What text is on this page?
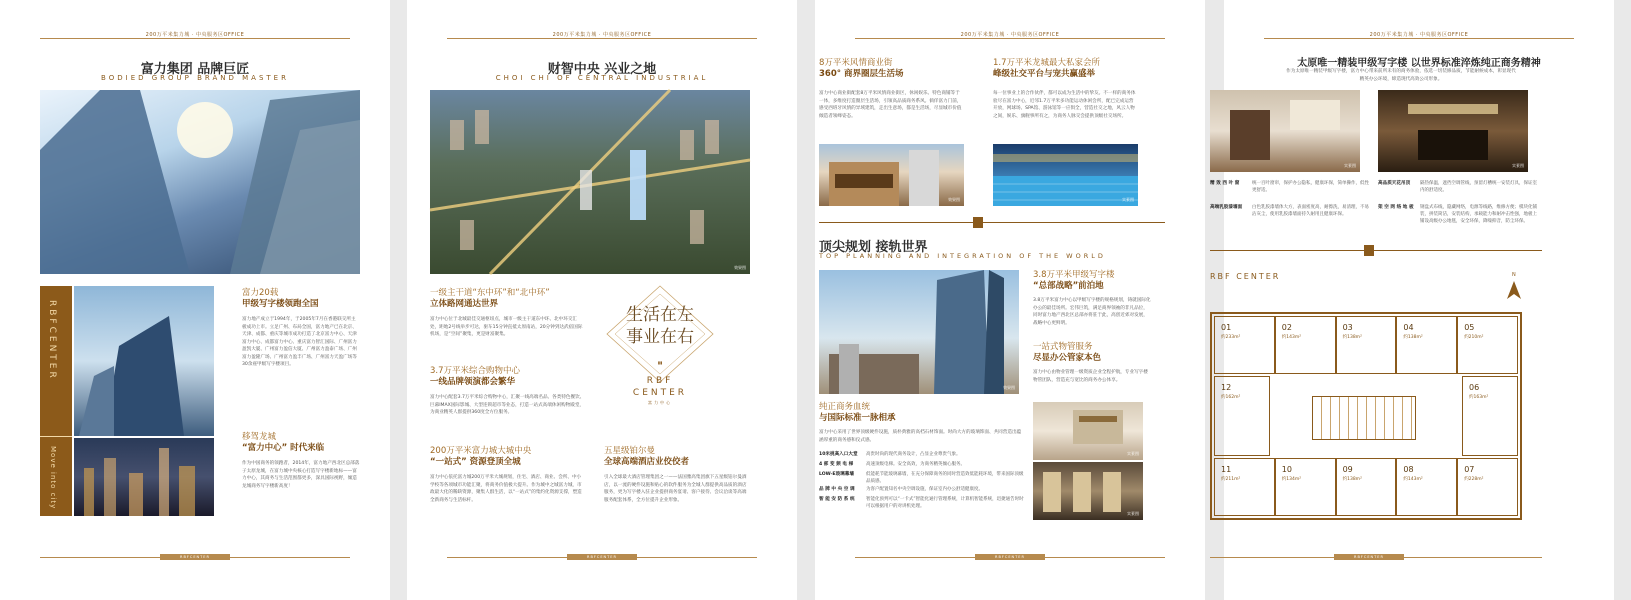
200万平米集力城 · 中央服务区OFFICE
富力集团 品牌巨匠
BODIED GROUP BRAND MASTER
RBFCENTER
Move into city
富力20载
甲级写字楼领跑全国
富力地产成立于1994年，于2005年7月在香港联交所主板成功上市。立足广州、布局全国，富力地产已在北京、天津、成都、重庆等城市成功打造了北京富力中心、天津富力中心、成都富力中心、重庆富力智汇国际、广州富力盈凯大厦、广州富力盈信大厦、广州富力盈泰广场、广州富力盈隆广场、广州富力盈丰广场、广州富力天盈广场等30余座甲级写字楼项目。
移驾龙城
“富力中心” 时代来临
作为中国商务的领跑者，2014年，富力地产西北区总部落子太原龙城，在富力城中央核心打造写字楼新地标——富力中心，其商务与生活范围都更多，深具国际视野，倾造龙城商务写字楼新高度！
RBFCENTER
200万平米集力城 · 中央服务区OFFICE
财智中央 兴业之地
CHOI CHI OF CENTRAL INDUSTRIAL
效果图
一级主干道“东中环”和“北中环”
立体路网通达世界
富力中心位于北城最佳交通枢纽点，城市一级主干道东中环、北中环交汇处，距地2号线举步可达，驱车15分钟直抵太原南站，20分钟到达武宿国际机场，是“空间”聚集，更是财富聚集。
3.7万平米综合购物中心
一线品牌领演都会繁华
富力中心配套3.7万平米综合购物中心，汇聚一线高端名品、各类特色餐饮、巨幕IMAX国际影城、大型连锁超市等业态，打造一站式高端休闲购物殿堂，为商业精英人群提供360度全方位服务。
200万平米富力城大城中央
“一站式” 资源登顶全城
富力中心依托富力城200万平米大城规划，住宅、酒店、商业、会所、中小学校等各项城市功能汇聚，将商务价值极大提升。作为城中之城富力城，市政最大化的稀缺资源，聚集人群生活，以“一站式”的集约化资源支撑，塑造全新商务与生活标杆。
生活在左
事业在右
▮▮
RBF
CENTER
富力中心
五星级铂尔曼
全球高端酒店业佼佼者
引入全球最大酒店管理集团之一——法国雅高集团旗下五星级铂尔曼酒店，以一流的硬件设施和贴心的软件服务为全城人群提供高品质的酒店服务，更为写字楼入驻企业提供商务宴请、客户接待、会议洽谈等高端服务配套体系，全方位提升企业形象。
RBFCENTER
200万平米集力城 · 中央服务区OFFICE
8万平米风情商业街
360° 商界圈层生活场
富力中心商业街配套8万平米风情商业街区，休闲娱乐、特色商铺等于一体，多维度打造圈层生活场，引领高品质商务系风。倘佯富力门前，感受西班牙风情的异域建筑，走出生意场，都是生活场，尽显城市价值倾造者领峰姿态。
1.7万平米龙城最大私家会所
峰级社交平台与宠共赢盛举
每一位事业上的合作伙伴，都可以成为生活中的挚友。不一样的商务体验尽在富力中心，近邻1.7万平米多功能运动休闲会所，配已完成运营开放，网球场、SPA馆、游泳馆等一应俱全，营造社交之地，风云人物之间，娱乐、旗舰事所有之，为商务人脉交会提供顶级社交场所。
效果图	实景图
顶尖规划 接轨世界
TOP PLANNING AND INTEGRATION OF THE WORLD
效果图
3.8万平米甲级写字楼
“总部战略”前泊地
3.8万平米富力中心以甲级写字楼的规格规划，铸就国际化办公的最佳场所。宏伟巨筑，满足商界领袖的非凡品位，同时富力地产西北区总部亦将驻于此，高创近郊对发展，战略中心更鲜明。
一站式物管服务
尽显办公管家本色
富力中心由物业管理一级资质企业全程护航，专业写字楼物管团队，营造充与宽比的商务办公体享。
纯正商务血统
与国际标准一脉相承
富力中心采用了世界顶级硬件设施，质朴典雅的高档石材饰面。时尚大方的玻璃饰面、共同营造出蕴涵厚重的商务感和仪式感。
10米挑高入口大堂	高贵时尚的现代商务设计，凸显企业尊贵气象。
4 部 变 频 电 梯	高速顶级电梯。安全高效，为商务精英倾心服务。
LOW-E玻璃幕墙	低能耗节能玻璃幕墙，在充分保障商务的同时营造效低能耗环境，带来国际顶级品质感。
品 牌 中 央 空 调	为客户配置知名中央空调设施，保证室内办公舒适健康度。
智 能 安 防 系 统	智能化预判可以“一卡式”智能化通行管理系统，计算机智能系统，迅捷通告时时可以根据用户的对讲机处理。
实景图
实景图
RBFCENTER
200万平米集力城 · 中央服务区OFFICE
太原唯一精装甲级写字楼 以世界标准淬炼纯正商务精神
作为太原唯一精装甲级写字楼，富力中心带来前所未有的商务体验，依选一切装修品质，节能耐候成本，彰显现代精英办公环境，缔造现代高效公司形象。
实景图	实景图
精 致 西 叶 窗	统一百叶窗帘，保护办公隐私，健康环保，简单操作，低性更舒适。
高品质天花吊顶	隔热保温，遮挡空调管线，预留灯槽统一安装灯具，保证室内的舒适度。
高端乳胶漆墙面	白色乳胶漆墙体大方，表面密度高，耐擦洗，易清理，不易沾灰尘，使用乳胶漆墙面持久耐用且健康环保。
架 空 网 络 地 板	钢盘式布线，隐藏网络，电源等线路，维修方便；模块化铺装，拼装简洁，安装结构，承载能力和耐冲击性强，地板上铺设高级办公地毯，安全环保，降噪抑音，防尘环保。
RBF CENTER	N
01
约233m²
02
约143m²
03
约138m²
04
约138m²
05
约210m²
12
约162m²
06
约163m²
11
约211m²
10
约134m²
09
约138m²
08
约143m²
07
约228m²
RBFCENTER
